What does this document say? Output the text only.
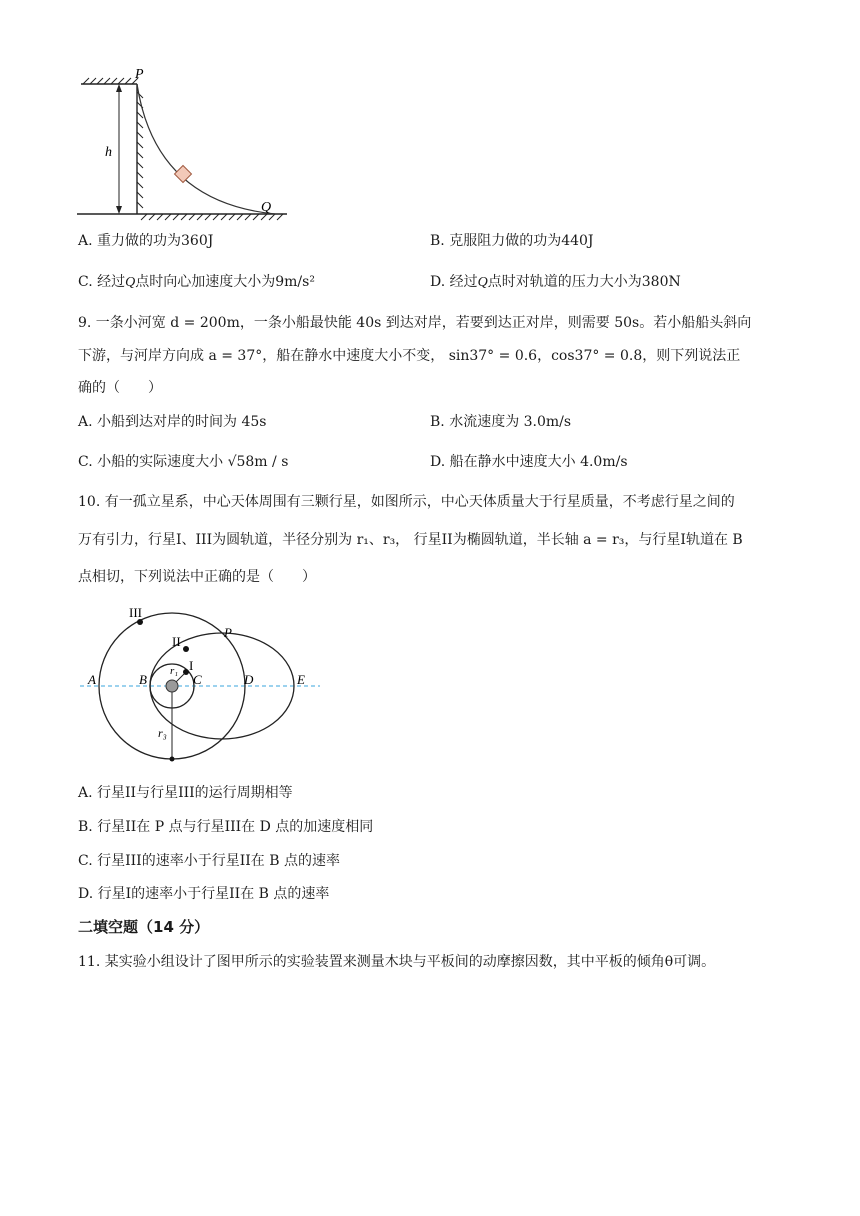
P
h
Q
A. 重力做的功为360J	B. 克服阻力做的功为440J
C. 经过Q点时向心加速度大小为9m/s²	D. 经过Q点时对轨道的压力大小为380N
9. 一条小河宽 d = 200m，一条小船最快能 40s 到达对岸，若要到达正对岸，则需要 50s。若小船船头斜向
下游，与河岸方向成 a = 37°，船在静水中速度大小不变， sin37° = 0.6，cos37° = 0.8，则下列说法正
确的（　　）
A. 小船到达对岸的时间为 45s	B. 水流速度为 3.0m/s
C. 小船的实际速度大小 √58m / s	D. 船在静水中速度大小 4.0m/s
10. 有一孤立星系，中心天体周围有三颗行星，如图所示，中心天体质量大于行星质量，不考虑行星之间的
万有引力，行星I、III为圆轨道，半径分别为 r₁、r₃， 行星II为椭圆轨道，半长轴 a = r₃，与行星I轨道在 B
点相切，下列说法中正确的是（　　）
III
II
I
P
A	B	C	D	E
r₁
r₃
A. 行星II与行星III的运行周期相等
B. 行星II在 P 点与行星III在 D 点的加速度相同
C. 行星III的速率小于行星II在 B 点的速率
D. 行星I的速率小于行星II在 B 点的速率
二填空题（14 分）
11. 某实验小组设计了图甲所示的实验装置来测量木块与平板间的动摩擦因数，其中平板的倾角θ可调。
